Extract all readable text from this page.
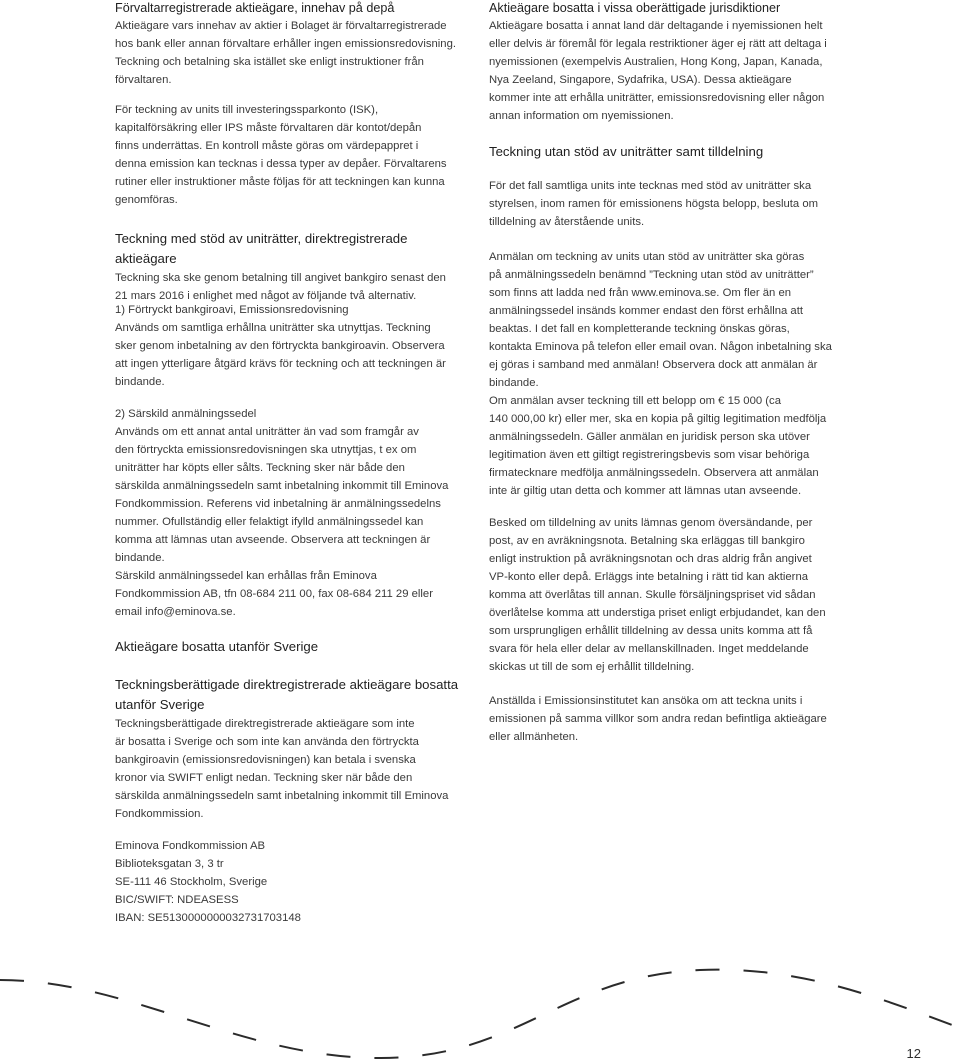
Förvaltarregistrerade aktieägare, innehav på depå
Aktieägare vars innehav av aktier i Bolaget är förvaltarregistrerade
hos bank eller annan förvaltare erhåller ingen emissionsredovisning.
Teckning och betalning ska istället ske enligt instruktioner från
förvaltaren.
För teckning av units till investeringssparkonto (ISK),
kapitalförsäkring eller IPS måste förvaltaren där kontot/depån
finns underrättas. En kontroll måste göras om värdepappret i
denna emission kan tecknas i dessa typer av depåer. Förvaltarens
rutiner eller instruktioner måste följas för att teckningen kan kunna
genomföras.
Teckning med stöd av uniträtter, direktregistrerade aktieägare
Teckning ska ske genom betalning till angivet bankgiro senast den
21 mars 2016 i enlighet med något av följande två alternativ.
1) Förtryckt bankgiroavi, Emissionsredovisning
Används om samtliga erhållna uniträtter ska utnyttjas. Teckning
sker genom inbetalning av den förtryckta bankgiroavin. Observera
att ingen ytterligare åtgärd krävs för teckning och att teckningen är
bindande.
2) Särskild anmälningssedel
Används om ett annat antal uniträtter än vad som framgår av
den förtryckta emissionsredovisningen ska utnyttjas, t ex om
uniträtter har köpts eller sålts. Teckning sker när både den
särskilda anmälningssedeln samt inbetalning inkommit till Eminova
Fondkommission. Referens vid inbetalning är anmälningssedelns
nummer. Ofullständig eller felaktigt ifylld anmälningssedel kan
komma att lämnas utan avseende. Observera att teckningen är
bindande.
Särskild anmälningssedel kan erhållas från Eminova
Fondkommission AB, tfn 08-684 211 00, fax 08-684 211 29 eller
email info@eminova.se.
Aktieägare bosatta utanför Sverige
Teckningsberättigade direktregistrerade aktieägare bosatta
utanför Sverige
Teckningsberättigade direktregistrerade aktieägare som inte
är bosatta i Sverige och som inte kan använda den förtryckta
bankgiroavin (emissionsredovisningen) kan betala i svenska
kronor via SWIFT enligt nedan. Teckning sker när både den
särskilda anmälningssedeln samt inbetalning inkommit till Eminova
Fondkommission.
Eminova Fondkommission AB
Biblioteksgatan 3, 3 tr
SE-111 46 Stockholm, Sverige
BIC/SWIFT: NDEASESS
IBAN: SE5130000000032731703148
Aktieägare bosatta i vissa oberättigade jurisdiktioner
Aktieägare bosatta i annat land där deltagande i nyemissionen helt
eller delvis är föremål för legala restriktioner äger ej rätt att deltaga i
nyemissionen (exempelvis Australien, Hong Kong, Japan, Kanada,
Nya Zeeland, Singapore, Sydafrika, USA). Dessa aktieägare
kommer inte att erhålla uniträtter, emissionsredovisning eller någon
annan information om nyemissionen.
Teckning utan stöd av uniträtter samt tilldelning
För det fall samtliga units inte tecknas med stöd av uniträtter ska
styrelsen, inom ramen för emissionens högsta belopp, besluta om
tilldelning av återstående units.
Anmälan om teckning av units utan stöd av uniträtter ska göras
på anmälningssedeln benämnd ”Teckning utan stöd av uniträtter”
som finns att ladda ned från www.eminova.se. Om fler än en
anmälningssedel insänds kommer endast den först erhållna att
beaktas. I det fall en kompletterande teckning önskas göras,
kontakta Eminova på telefon eller email ovan. Någon inbetalning ska
ej göras i samband med anmälan! Observera dock att anmälan är
bindande.
Om anmälan avser teckning till ett belopp om € 15 000 (ca
140 000,00 kr) eller mer, ska en kopia på giltig legitimation medfölja
anmälningssedeln. Gäller anmälan en juridisk person ska utöver
legitimation även ett giltigt registreringsbevis som visar behöriga
firmatecknare medfölja anmälningssedeln. Observera att anmälan
inte är giltig utan detta och kommer att lämnas utan avseende.
Besked om tilldelning av units lämnas genom översändande, per
post, av en avräkningsnota. Betalning ska erläggas till bankgiro
enligt instruktion på avräkningsnotan och dras aldrig från angivet
VP-konto eller depå. Erläggs inte betalning i rätt tid kan aktierna
komma att överlåtas till annan. Skulle försäljningspriset vid sådan
överlåtelse komma att understiga priset enligt erbjudandet, kan den
som ursprungligen erhållit tilldelning av dessa units komma att få
svara för hela eller delar av mellanskillnaden. Inget meddelande
skickas ut till de som ej erhållit tilldelning.
Anställda i Emissionsinstitutet kan ansöka om att teckna units i
emissionen på samma villkor som andra redan befintliga aktieägare
eller allmänheten.
12
